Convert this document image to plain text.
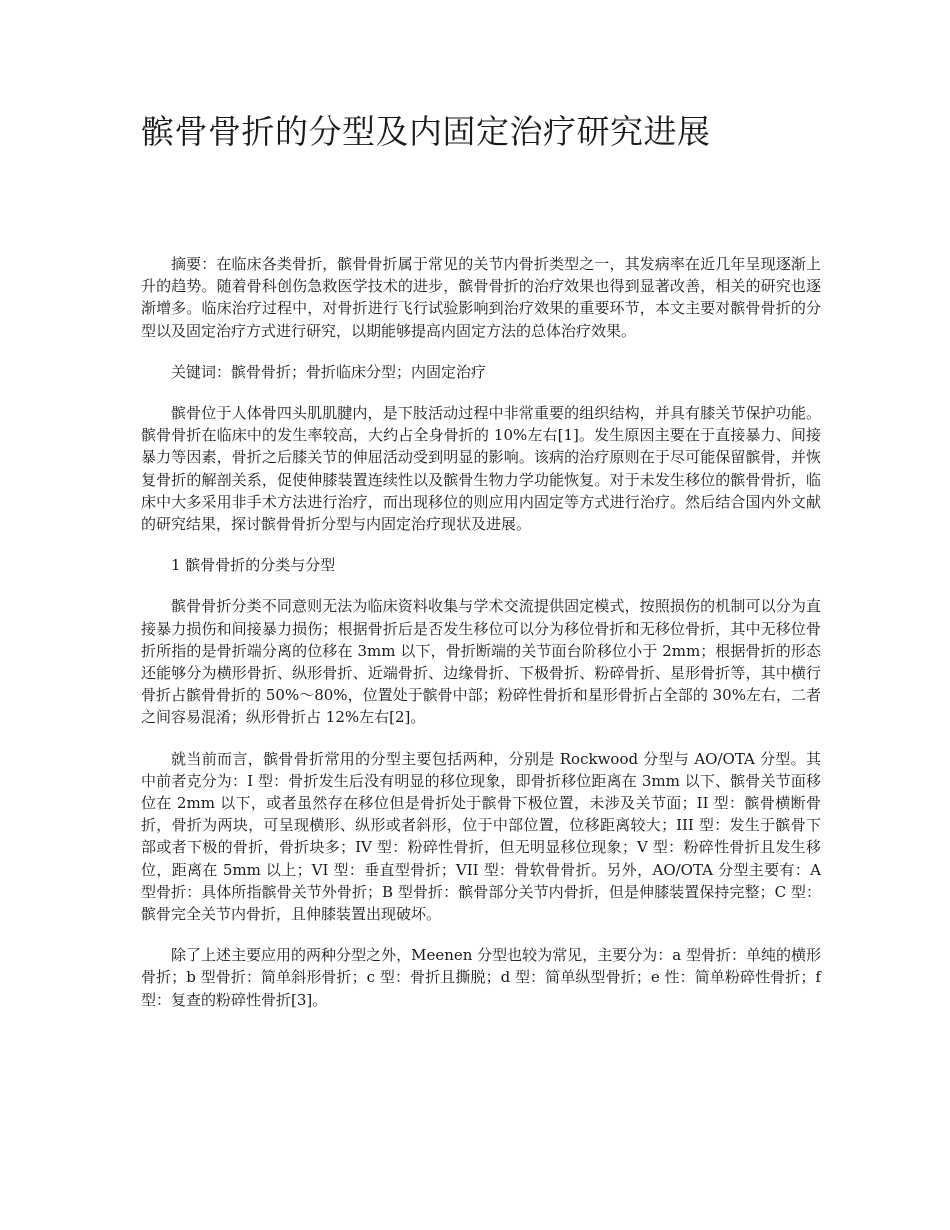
髌骨骨折的分型及内固定治疗研究进展

摘要：在临床各类骨折，髌骨骨折属于常见的关节内骨折类型之一，其发病率在近几年呈现逐渐上升的趋势。随着骨科创伤急救医学技术的进步，髌骨骨折的治疗效果也得到显著改善，相关的研究也逐渐增多。临床治疗过程中，对骨折进行飞行试验影响到治疗效果的重要环节，本文主要对髌骨骨折的分型以及固定治疗方式进行研究，以期能够提高内固定方法的总体治疗效果。

关键词：髌骨骨折；骨折临床分型；内固定治疗

髌骨位于人体骨四头肌肌腱内，是下肢活动过程中非常重要的组织结构，并具有膝关节保护功能。髌骨骨折在临床中的发生率较高，大约占全身骨折的 10%左右[1]。发生原因主要在于直接暴力、间接暴力等因素，骨折之后膝关节的伸屈活动受到明显的影响。该病的治疗原则在于尽可能保留髌骨，并恢复骨折的解剖关系，促使伸膝装置连续性以及髌骨生物力学功能恢复。对于未发生移位的髌骨骨折，临床中大多采用非手术方法进行治疗，而出现移位的则应用内固定等方式进行治疗。然后结合国内外文献的研究结果，探讨髌骨骨折分型与内固定治疗现状及进展。

1 髌骨骨折的分类与分型

髌骨骨折分类不同意则无法为临床资料收集与学术交流提供固定模式，按照损伤的机制可以分为直接暴力损伤和间接暴力损伤；根据骨折后是否发生移位可以分为移位骨折和无移位骨折，其中无移位骨折所指的是骨折端分离的位移在 3mm 以下，骨折断端的关节面台阶移位小于 2mm；根据骨折的形态还能够分为横形骨折、纵形骨折、近端骨折、边缘骨折、下极骨折、粉碎骨折、星形骨折等，其中横行骨折占髌骨骨折的 50%～80%，位置处于髌骨中部；粉碎性骨折和星形骨折占全部的 30%左右，二者之间容易混淆；纵形骨折占 12%左右[2]。

就当前而言，髌骨骨折常用的分型主要包括两种，分别是 Rockwood 分型与 AO/OTA 分型。其中前者克分为：I 型：骨折发生后没有明显的移位现象，即骨折移位距离在 3mm 以下、髌骨关节面移位在 2mm 以下，或者虽然存在移位但是骨折处于髌骨下极位置，未涉及关节面；II 型：髌骨横断骨折，骨折为两块，可呈现横形、纵形或者斜形，位于中部位置，位移距离较大；III 型：发生于髌骨下部或者下极的骨折，骨折块多；IV 型：粉碎性骨折，但无明显移位现象；V 型：粉碎性骨折且发生移位，距离在 5mm 以上；VI 型：垂直型骨折；VII 型：骨软骨骨折。另外，AO/OTA 分型主要有：A 型骨折：具体所指髌骨关节外骨折；B 型骨折：髌骨部分关节内骨折，但是伸膝装置保持完整；C 型：髌骨完全关节内骨折，且伸膝装置出现破坏。

除了上述主要应用的两种分型之外，Meenen 分型也较为常见，主要分为：a 型骨折：单纯的横形骨折；b 型骨折：简单斜形骨折；c 型：骨折且撕脱；d 型：简单纵型骨折；e 性：简单粉碎性骨折；f 型：复查的粉碎性骨折[3]。
